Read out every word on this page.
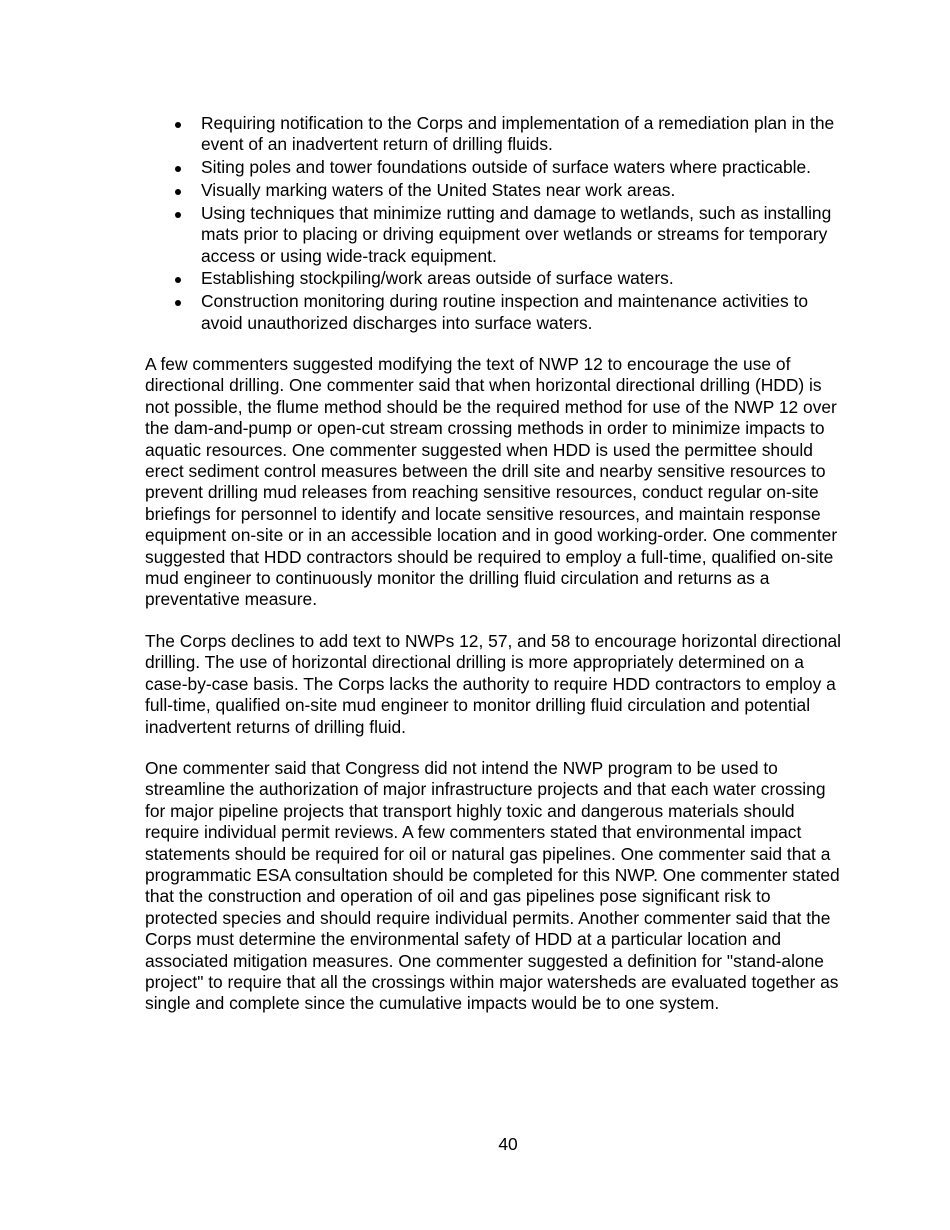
Requiring notification to the Corps and implementation of a remediation plan in the event of an inadvertent return of drilling fluids.
Siting poles and tower foundations outside of surface waters where practicable.
Visually marking waters of the United States near work areas.
Using techniques that minimize rutting and damage to wetlands, such as installing mats prior to placing or driving equipment over wetlands or streams for temporary access or using wide-track equipment.
Establishing stockpiling/work areas outside of surface waters.
Construction monitoring during routine inspection and maintenance activities to avoid unauthorized discharges into surface waters.

A few commenters suggested modifying the text of NWP 12 to encourage the use of directional drilling. One commenter said that when horizontal directional drilling (HDD) is not possible, the flume method should be the required method for use of the NWP 12 over the dam-and-pump or open-cut stream crossing methods in order to minimize impacts to aquatic resources. One commenter suggested when HDD is used the permittee should erect sediment control measures between the drill site and nearby sensitive resources to prevent drilling mud releases from reaching sensitive resources, conduct regular on-site briefings for personnel to identify and locate sensitive resources, and maintain response equipment on-site or in an accessible location and in good working-order. One commenter suggested that HDD contractors should be required to employ a full-time, qualified on-site mud engineer to continuously monitor the drilling fluid circulation and returns as a preventative measure.

The Corps declines to add text to NWPs 12, 57, and 58 to encourage horizontal directional drilling. The use of horizontal directional drilling is more appropriately determined on a case-by-case basis. The Corps lacks the authority to require HDD contractors to employ a full-time, qualified on-site mud engineer to monitor drilling fluid circulation and potential inadvertent returns of drilling fluid.

One commenter said that Congress did not intend the NWP program to be used to streamline the authorization of major infrastructure projects and that each water crossing for major pipeline projects that transport highly toxic and dangerous materials should require individual permit reviews. A few commenters stated that environmental impact statements should be required for oil or natural gas pipelines. One commenter said that a programmatic ESA consultation should be completed for this NWP. One commenter stated that the construction and operation of oil and gas pipelines pose significant risk to protected species and should require individual permits. Another commenter said that the Corps must determine the environmental safety of HDD at a particular location and associated mitigation measures. One commenter suggested a definition for "stand-alone project" to require that all the crossings within major watersheds are evaluated together as single and complete since the cumulative impacts would be to one system.

40
